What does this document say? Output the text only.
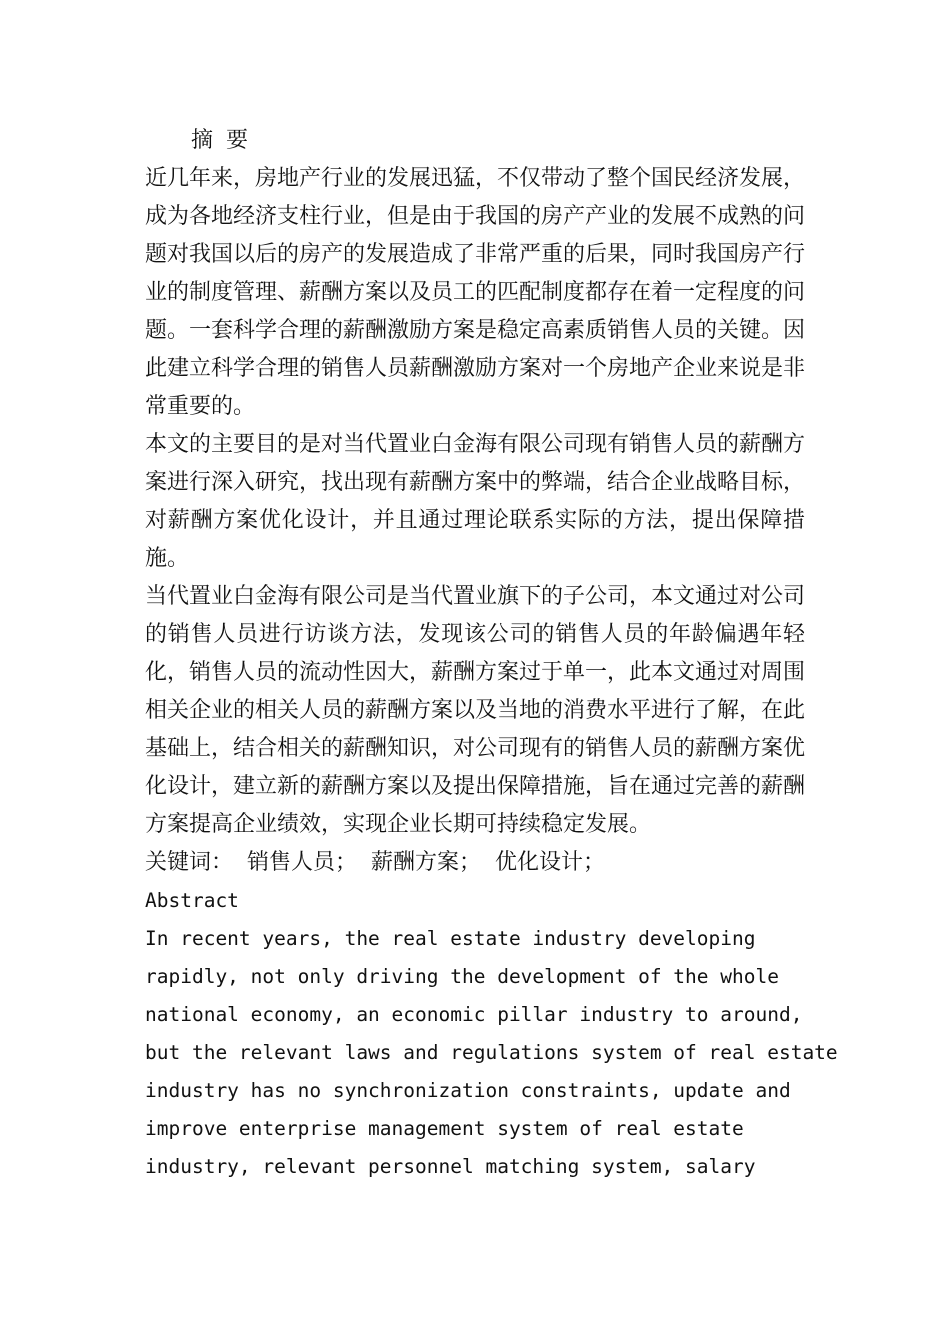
摘 要

近几年来，房地产行业的发展迅猛，不仅带动了整个国民经济发展，成为各地经济支柱行业，但是由于我国的房产产业的发展不成熟的问题对我国以后的房产的发展造成了非常严重的后果，同时我国房产行业的制度管理、薪酬方案以及员工的匹配制度都存在着一定程度的问题。一套科学合理的薪酬激励方案是稳定高素质销售人员的关键。因此建立科学合理的销售人员薪酬激励方案对一个房地产企业来说是非常重要的。

本文的主要目的是对当代置业白金海有限公司现有销售人员的薪酬方案进行深入研究，找出现有薪酬方案中的弊端，结合企业战略目标，对薪酬方案优化设计，并且通过理论联系实际的方法，提出保障措施。

当代置业白金海有限公司是当代置业旗下的子公司，本文通过对公司的销售人员进行访谈方法，发现该公司的销售人员的年龄偏遇年轻化，销售人员的流动性因大，薪酬方案过于单一，此本文通过对周围相关企业的相关人员的薪酬方案以及当地的消费水平进行了解，在此基础上，结合相关的薪酬知识，对公司现有的销售人员的薪酬方案优化设计，建立新的薪酬方案以及提出保障措施，旨在通过完善的薪酬方案提高企业绩效，实现企业长期可持续稳定发展。

关键词：  销售人员；  薪酬方案；  优化设计；
Abstract
In recent years, the real estate industry developing
rapidly, not only driving the development of the whole
national economy, an economic pillar industry to around,
but the relevant laws and regulations system of real estate
industry has no synchronization constraints, update and
improve enterprise management system of real estate
industry, relevant personnel matching system, salary
